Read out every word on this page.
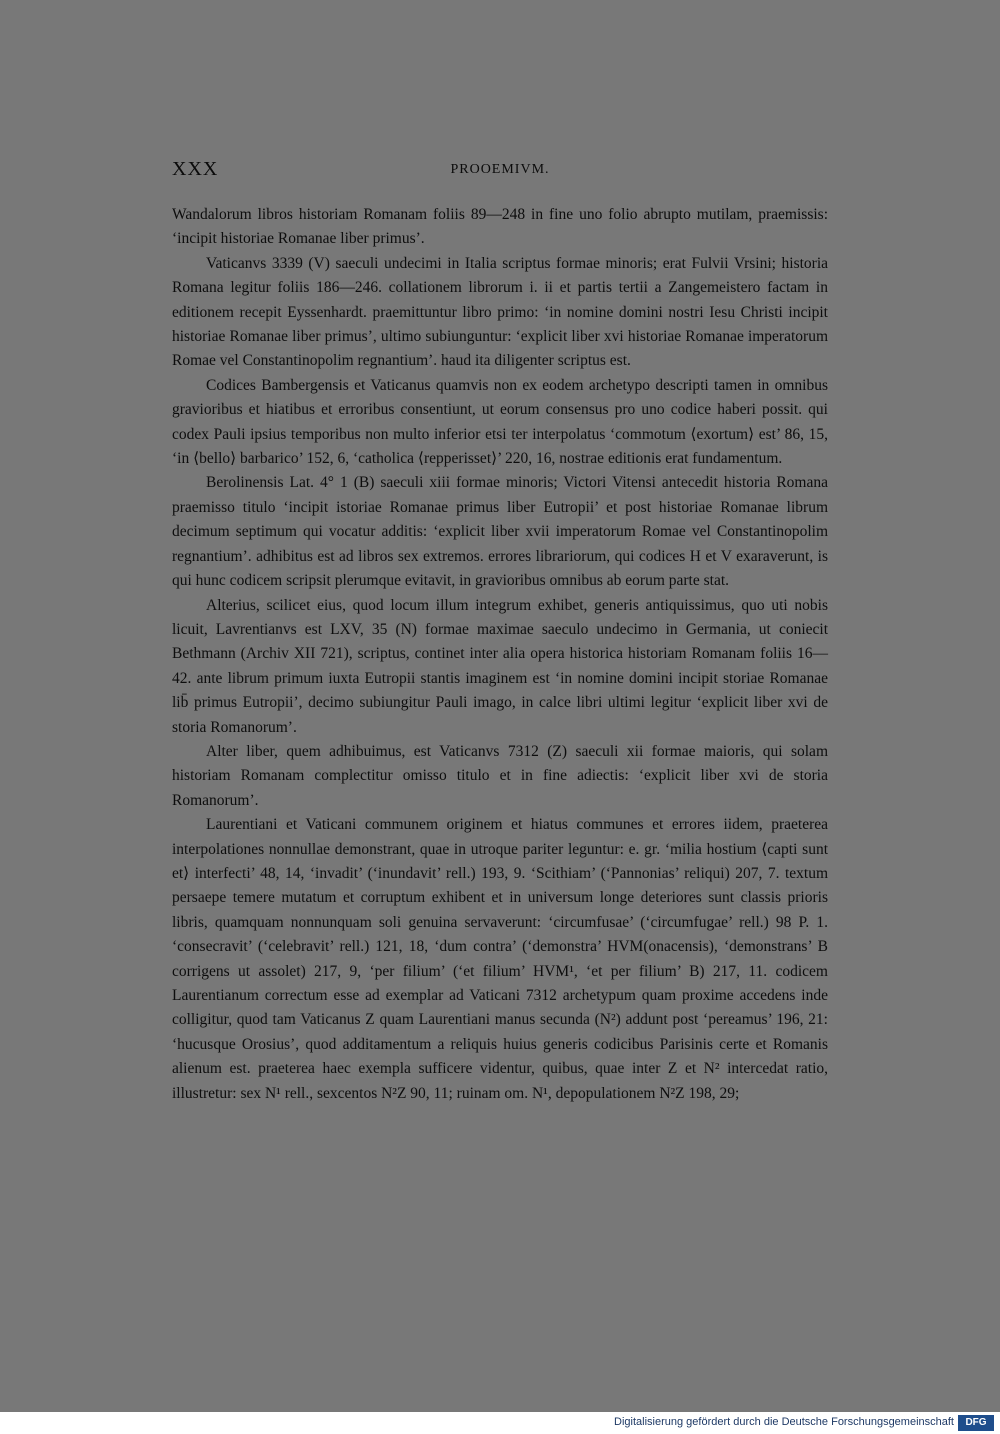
XXX	PROOEMIVM.

Wandalorum libros historiam Romanam foliis 89—248 in fine uno folio abrupto mutilam, praemissis: ‘incipit historiae Romanae liber primus’.

Vaticanvs 3339 (V) saeculi undecimi in Italia scriptus formae minoris; erat Fulvii Vrsini; historia Romana legitur foliis 186—246. collationem librorum i. ii et partis tertii a Zangemeistero factam in editionem recepit Eyssenhardt. praemittuntur libro primo: ‘in nomine domini nostri Iesu Christi incipit historiae Romanae liber primus’, ultimo subiunguntur: ‘explicit liber xvi historiae Romanae imperatorum Romae vel Constantinopolim regnantium’. haud ita diligenter scriptus est.

Codices Bambergensis et Vaticanus quamvis non ex eodem archetypo descripti tamen in omnibus gravioribus et hiatibus et erroribus consentiunt, ut eorum consensus pro uno codice haberi possit. qui codex Pauli ipsius temporibus non multo inferior etsi ter interpolatus ‘commotum ⟨exortum⟩ est’ 86, 15, ‘in ⟨bello⟩ barbarico’ 152, 6, ‘catholica ⟨repperisset⟩’ 220, 16, nostrae editionis erat fundamentum.

Berolinensis Lat. 4° 1 (B) saeculi xiii formae minoris; Victori Vitensi antecedit historia Romana praemisso titulo ‘incipit istoriae Romanae primus liber Eutropii’ et post historiae Romanae librum decimum septimum qui vocatur additis: ‘explicit liber xvii imperatorum Romae vel Constantinopolim regnantium’. adhibitus est ad libros sex extremos. errores librariorum, qui codices H et V exaraverunt, is qui hunc codicem scripsit plerumque evitavit, in gravioribus omnibus ab eorum parte stat.

Alterius, scilicet eius, quod locum illum integrum exhibet, generis antiquissimus, quo uti nobis licuit, Lavrentianvs est LXV, 35 (N) formae maximae saeculo undecimo in Germania, ut coniecit Bethmann (Archiv XII 721), scriptus, continet inter alia opera historica historiam Romanam foliis 16—42. ante librum primum iuxta Eutropii stantis imaginem est ‘in nomine domini incipit storiae Romanae lib̄ primus Eutropii’, decimo subiungitur Pauli imago, in calce libri ultimi legitur ‘explicit liber xvi de storia Romanorum’.

Alter liber, quem adhibuimus, est Vaticanvs 7312 (Z) saeculi xii formae maioris, qui solam historiam Romanam complectitur omisso titulo et in fine adiectis: ‘explicit liber xvi de storia Romanorum’.

Laurentiani et Vaticani communem originem et hiatus communes et errores iidem, praeterea interpolationes nonnullae demonstrant, quae in utroque pariter leguntur: e. gr. ‘milia hostium ⟨capti sunt et⟩ interfecti’ 48, 14, ‘invadit’ (‘inundavit’ rell.) 193, 9. ‘Scithiam’ (‘Pannonias’ reliqui) 207, 7. textum persaepe temere mutatum et corruptum exhibent et in universum longe deteriores sunt classis prioris libris, quamquam nonnunquam soli genuina servaverunt: ‘circumfusae’ (‘circumfugae’ rell.) 98 P. 1. ‘consecravit’ (‘celebravit’ rell.) 121, 18, ‘dum contra’ (‘demonstra’ HVM(onacensis), ‘demonstrans’ B corrigens ut assolet) 217, 9, ‘per filium’ (‘et filium’ HVM¹, ‘et per filium’ B) 217, 11. codicem Laurentianum correctum esse ad exemplar ad Vaticani 7312 archetypum quam proxime accedens inde colligitur, quod tam Vaticanus Z quam Laurentiani manus secunda (N²) addunt post ‘pereamus’ 196, 21: ‘hucusque Orosius’, quod additamentum a reliquis huius generis codicibus Parisinis certe et Romanis alienum est. praeterea haec exempla sufficere videntur, quibus, quae inter Z et N² intercedat ratio, illustretur: sex N¹ rell., sexcentos N²Z 90, 11; ruinam om. N¹, depopulationem N²Z 198, 29;

Digitalisierung gefördert durch die Deutsche Forschungsgemeinschaft	DFG
